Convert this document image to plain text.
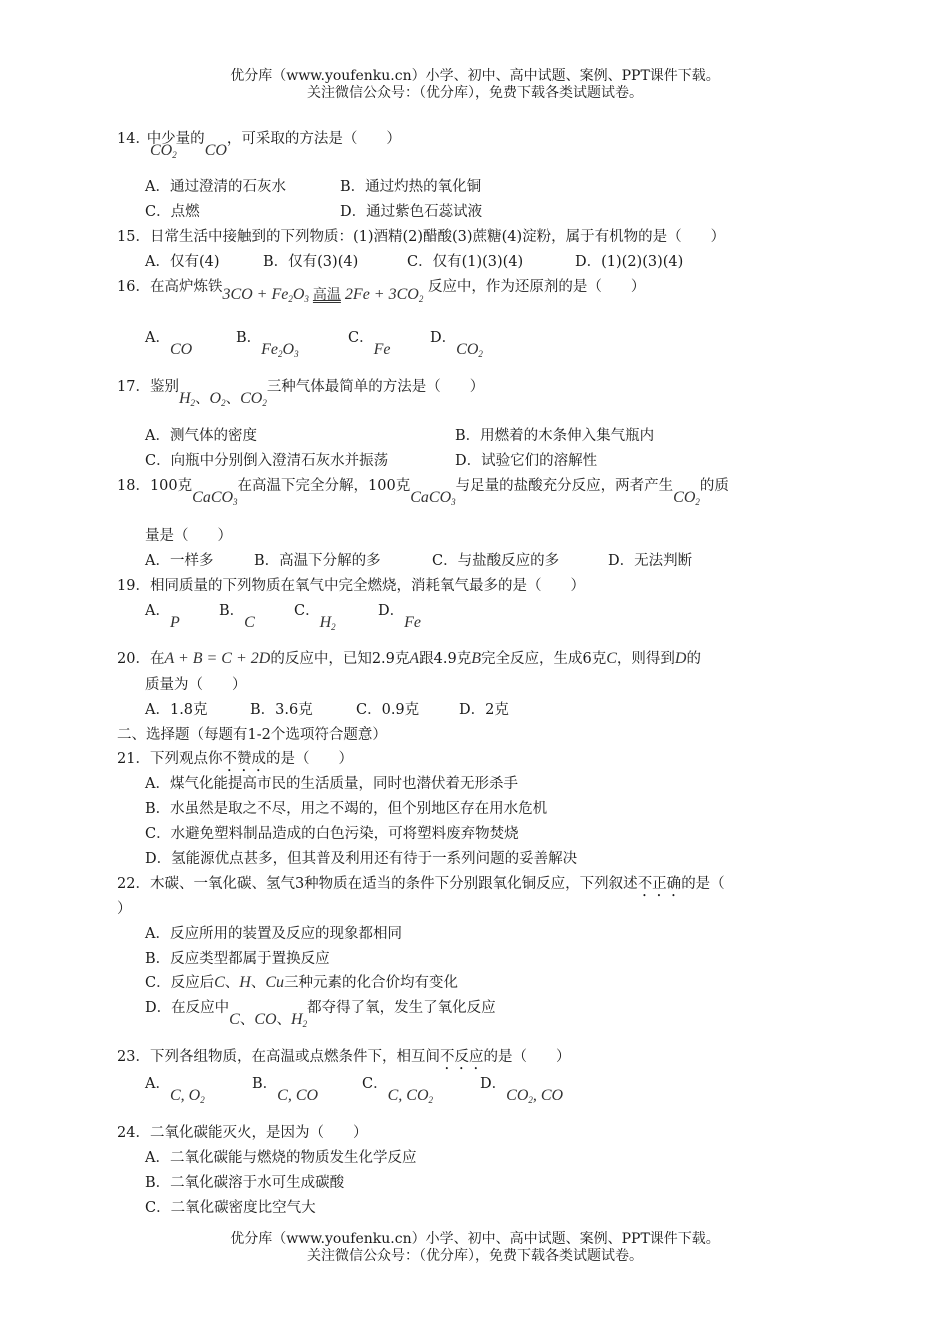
优分库（www.youfenku.cn）小学、初中、高中试题、案例、PPT课件下载。
关注微信公众号：（优分库），免费下载各类试题试卷。
14．$CO_2$中少量的CO，可采取的方法是（　　）
A．通过澄清的石灰水	B．通过灼热的氧化铜
C．点燃	D．通过紫色石蕊试液
15．日常生活中接触到的下列物质：(1)酒精(2)醋酸(3)蔗糖(4)淀粉，属于有机物的是（　　）
A．仅有(4)	B．仅有(3)(4)	C．仅有(1)(3)(4)	D．(1)(2)(3)(4)
16．在高炉炼铁$3CO + Fe_2O_3$ 高温 $2Fe + 3CO_2$ 反应中，作为还原剂的是（　　）
A．CO
B．$Fe_2O_3$
C．Fe
D．$CO_2$
17．鉴别$H_2$、$O_2$、$CO_2$三种气体最简单的方法是（　　）
A．测气体的密度	B．用燃着的木条伸入集气瓶内
C．向瓶中分别倒入澄清石灰水并振荡	D．试验它们的溶解性
18．100克CaCO$_3$在高温下完全分解，100克CaCO$_3$与足量的盐酸充分反应，两者产生$CO_2$的质
量是（　　）
A．一样多	B．高温下分解的多	C．与盐酸反应的多	D．无法判断
19．相同质量的下列物质在氧气中完全燃烧，消耗氧气最多的是（　　）
A．P
B．C
C．$H_2$
D．Fe
20．在A + B = C + 2D的反应中，已知2.9克A跟4.9克B完全反应，生成6克C，则得到D的
质量为（　　）
A．1.8克	B．3.6克	C．0.9克	D．2克
二、选择题（每题有1-2个选项符合题意）
21．下列观点你不赞成的是（　　）
A．煤气化能提高市民的生活质量，同时也潜伏着无形杀手
B．水虽然是取之不尽，用之不竭的，但个别地区存在用水危机
C．水避免塑料制品造成的白色污染，可将塑料废弃物焚烧
D．氢能源优点甚多，但其普及利用还有待于一系列问题的妥善解决
22．木碳、一氧化碳、氢气3种物质在适当的条件下分别跟氧化铜反应，下列叙述不正确的是（
）
A．反应所用的装置及反应的现象都相同
B．反应类型都属于置换反应
C．反应后C、H、Cu三种元素的化合价均有变化
D．在反应中C、CO、$H_2$都夺得了氧，发生了氧化反应
23．下列各组物质，在高温或点燃条件下，相互间不反应的是（　　）
A．C, $O_2$
B．C, CO
C．C, $CO_2$
D．$CO_2$, CO
24．二氧化碳能灭火，是因为（　　）
A．二氧化碳能与燃烧的物质发生化学反应
B．二氧化碳溶于水可生成碳酸
C．二氧化碳密度比空气大
优分库（www.youfenku.cn）小学、初中、高中试题、案例、PPT课件下载。
关注微信公众号：（优分库），免费下载各类试题试卷。
